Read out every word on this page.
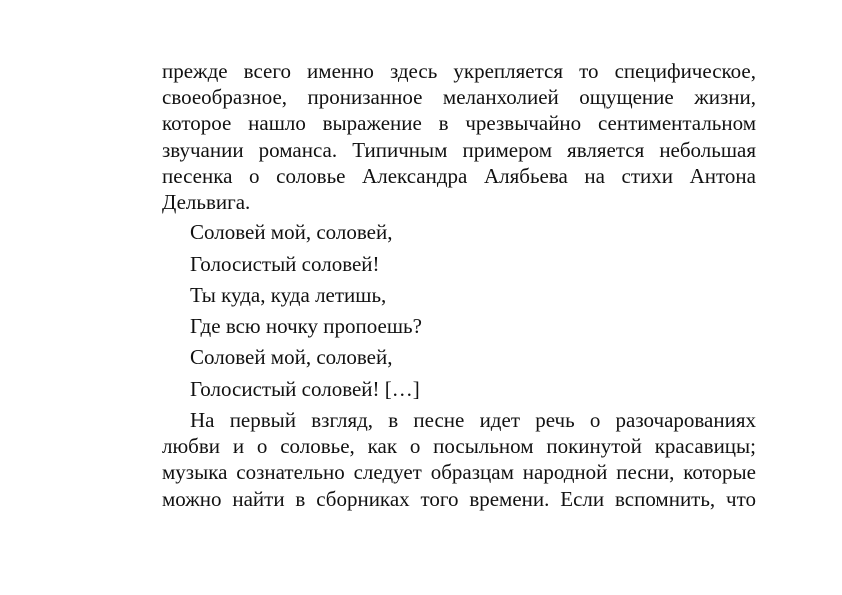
прежде всего именно здесь укрепляется то специфическое,
своеобразное, пронизанное меланхолией ощущение жизни,
которое нашло выражение в чрезвычайно сентиментальном
звучании романса. Типичным примером является небольшая
песенка о соловье Александра Алябьева на стихи Антона
Дельвига.

Соловей мой, соловей,

Голосистый соловей!

Ты куда, куда летишь,

Где всю ночку пропоешь?

Соловей мой, соловей,

Голосистый соловей! […]

На первый взгляд, в песне идет речь о разочарованиях
любви и о соловье, как о посыльном покинутой красавицы;
музыка сознательно следует образцам народной песни, которые
можно найти в сборниках того времени. Если вспомнить, что
